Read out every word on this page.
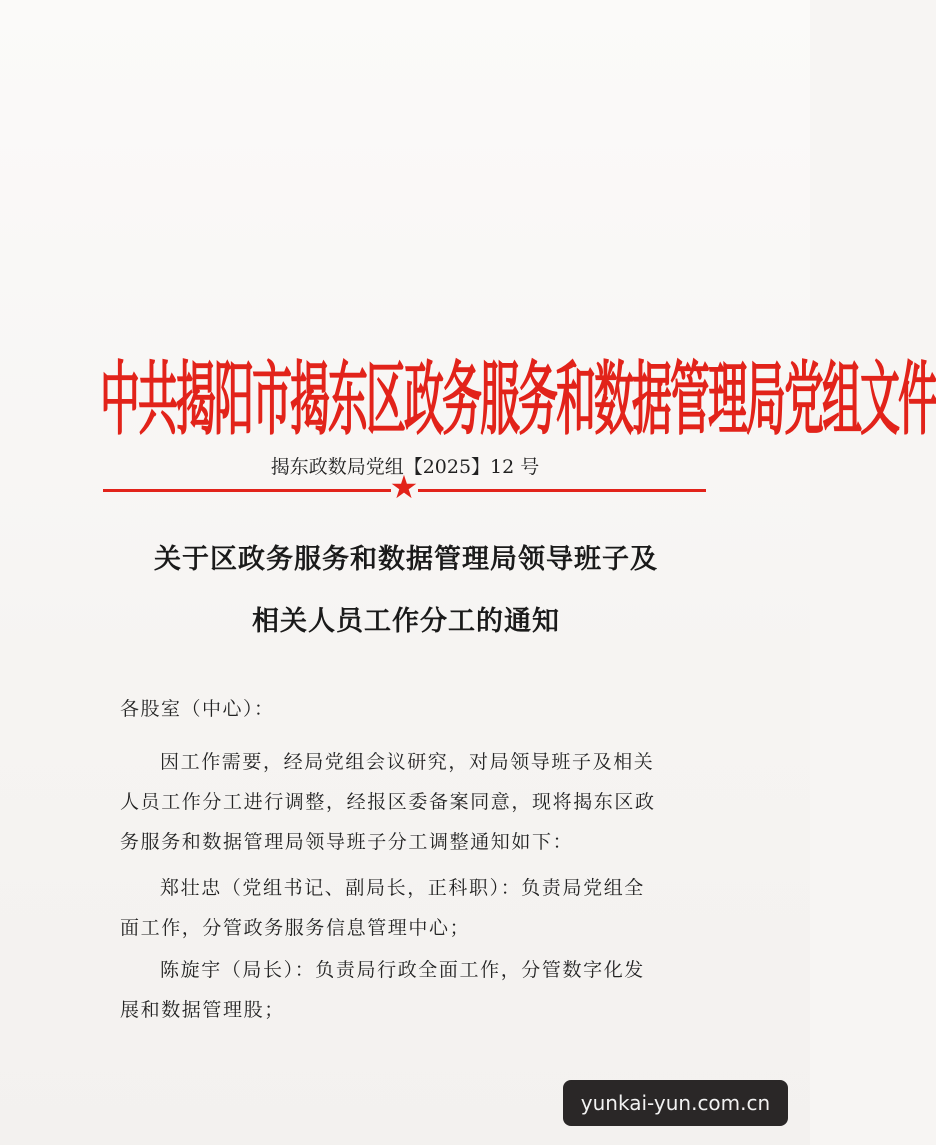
中共揭阳市揭东区政务服务和数据管理局党组文件
揭东政数局党组【2025】12 号
★
关于区政务服务和数据管理局领导班子及
相关人员工作分工的通知
各股室（中心）：
因工作需要，经局党组会议研究，对局领导班子及相关
人员工作分工进行调整，经报区委备案同意，现将揭东区政
务服务和数据管理局领导班子分工调整通知如下：
郑壮忠（党组书记、副局长，正科职）：负责局党组全
面工作，分管政务服务信息管理中心；
陈旋宇（局长）：负责局行政全面工作，分管数字化发
展和数据管理股；
yunkai-yun.com.cn
